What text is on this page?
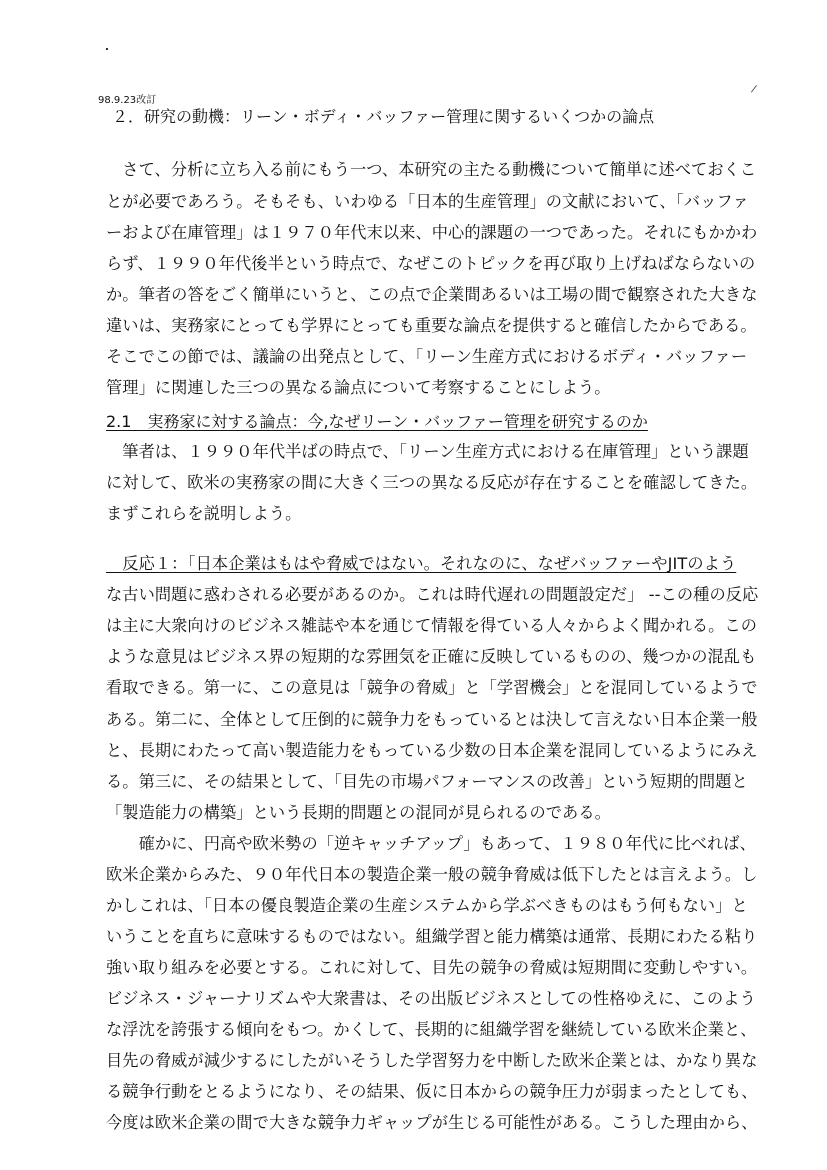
/
98.9.23改訂
２．研究の動機：リーン・ボディ・バッファー管理に関するいくつかの論点
　さて、分析に立ち入る前にもう一つ、本研究の主たる動機について簡単に述べておくこ
とが必要であろう。そもそも、いわゆる「日本的生産管理」の文献において、「バッファ
ーおよび在庫管理」は１９７０年代末以来、中心的課題の一つであった。それにもかかわ
らず、１９９０年代後半という時点で、なぜこのトピックを再び取り上げねばならないの
か。筆者の答をごく簡単にいうと、この点で企業間あるいは工場の間で観察された大きな
違いは、実務家にとっても学界にとっても重要な論点を提供すると確信したからである。
そこでこの節では、議論の出発点として、「リーン生産方式におけるボディ・バッファー
管理」に関連した三つの異なる論点について考察することにしよう。
2.1　実務家に対する論点：今,なぜリーン・バッファー管理を研究するのか
　筆者は、１９９０年代半ばの時点で、「リーン生産方式における在庫管理」という課題
に対して、欧米の実務家の間に大きく三つの異なる反応が存在することを確認してきた。
まずこれらを説明しよう。
　反応１：「日本企業はもはや脅威ではない。それなのに、なぜバッファーやJITのよう
な古い問題に惑わされる必要があるのか。これは時代遅れの問題設定だ」 --この種の反応
は主に大衆向けのビジネス雑誌や本を通じて情報を得ている人々からよく聞かれる。この
ような意見はビジネス界の短期的な雰囲気を正確に反映しているものの、幾つかの混乱も
看取できる。第一に、この意見は「競争の脅威」と「学習機会」とを混同しているようで
ある。第二に、全体として圧倒的に競争力をもっているとは決して言えない日本企業一般
と、長期にわたって高い製造能力をもっている少数の日本企業を混同しているようにみえ
る。第三に、その結果として、「目先の市場パフォーマンスの改善」という短期的問題と
「製造能力の構築」という長期的問題との混同が見られるのである。
　　確かに、円高や欧米勢の「逆キャッチアップ」もあって、１９８０年代に比べれば、
欧米企業からみた、９０年代日本の製造企業一般の競争脅威は低下したとは言えよう。し
かしこれは、「日本の優良製造企業の生産システムから学ぶべきものはもう何もない」と
いうことを直ちに意味するものではない。組織学習と能力構築は通常、長期にわたる粘り
強い取り組みを必要とする。これに対して、目先の競争の脅威は短期間に変動しやすい。
ビジネス・ジャーナリズムや大衆書は、その出版ビジネスとしての性格ゆえに、このよう
な浮沈を誇張する傾向をもつ。かくして、長期的に組織学習を継続している欧米企業と、
目先の脅威が減少するにしたがいそうした学習努力を中断した欧米企業とは、かなり異な
る競争行動をとるようになり、その結果、仮に日本からの競争圧力が弱まったとしても、
今度は欧米企業の間で大きな競争力ギャップが生じる可能性がある。こうした理由から、
